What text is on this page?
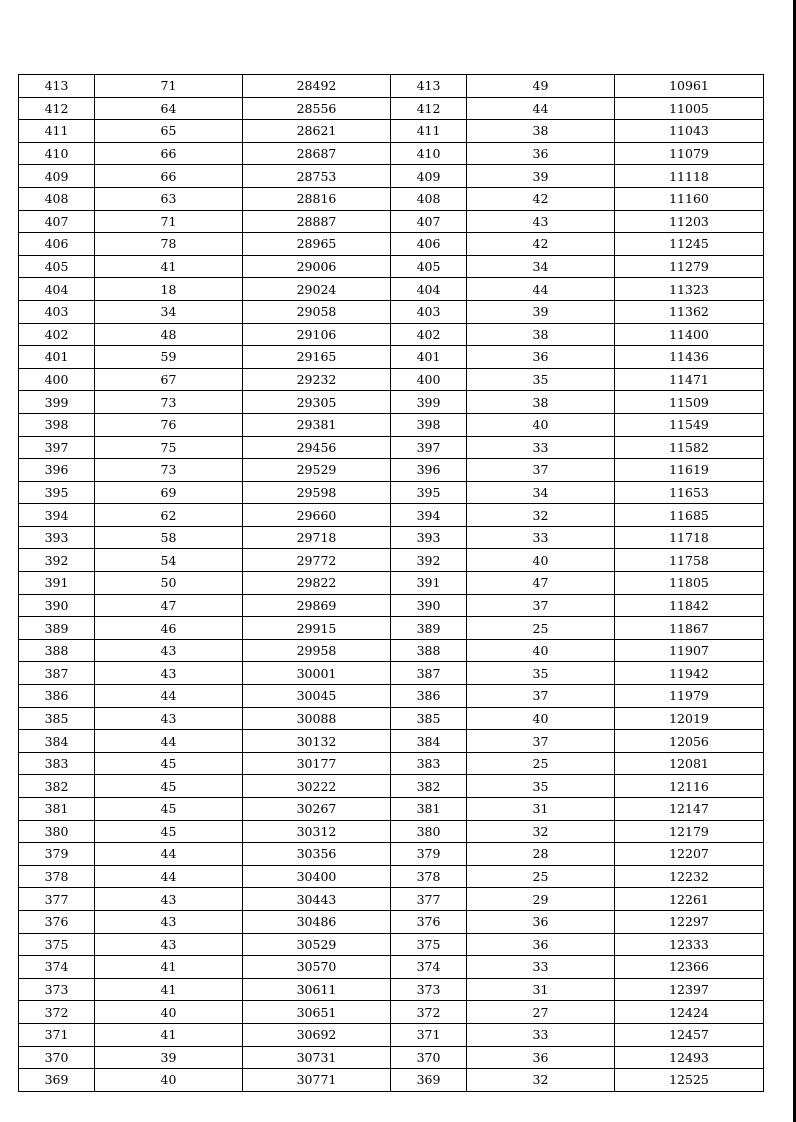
413	71	28492	413	49	10961
412	64	28556	412	44	11005
411	65	28621	411	38	11043
410	66	28687	410	36	11079
409	66	28753	409	39	11118
408	63	28816	408	42	11160
407	71	28887	407	43	11203
406	78	28965	406	42	11245
405	41	29006	405	34	11279
404	18	29024	404	44	11323
403	34	29058	403	39	11362
402	48	29106	402	38	11400
401	59	29165	401	36	11436
400	67	29232	400	35	11471
399	73	29305	399	38	11509
398	76	29381	398	40	11549
397	75	29456	397	33	11582
396	73	29529	396	37	11619
395	69	29598	395	34	11653
394	62	29660	394	32	11685
393	58	29718	393	33	11718
392	54	29772	392	40	11758
391	50	29822	391	47	11805
390	47	29869	390	37	11842
389	46	29915	389	25	11867
388	43	29958	388	40	11907
387	43	30001	387	35	11942
386	44	30045	386	37	11979
385	43	30088	385	40	12019
384	44	30132	384	37	12056
383	45	30177	383	25	12081
382	45	30222	382	35	12116
381	45	30267	381	31	12147
380	45	30312	380	32	12179
379	44	30356	379	28	12207
378	44	30400	378	25	12232
377	43	30443	377	29	12261
376	43	30486	376	36	12297
375	43	30529	375	36	12333
374	41	30570	374	33	12366
373	41	30611	373	31	12397
372	40	30651	372	27	12424
371	41	30692	371	33	12457
370	39	30731	370	36	12493
369	40	30771	369	32	12525
